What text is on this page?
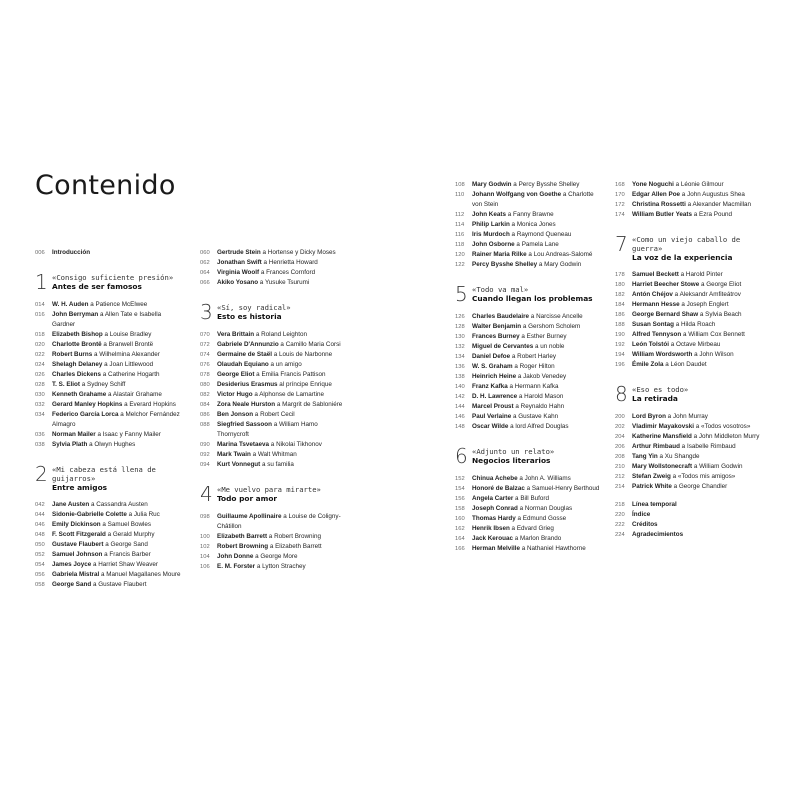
Contenido
006	Introducción
1 «Consigo suficiente presión»
Antes de ser famosos
014	W. H. Auden a Patience McElwee
016	John Berryman a Allen Tate e Isabella Gardner
018	Elizabeth Bishop a Louise Bradley
020	Charlotte Brontë a Branwell Brontë
022	Robert Burns a Wilhelmina Alexander
024	Shelagh Delaney a Joan Littlewood
026	Charles Dickens a Catherine Hogarth
028	T. S. Eliot a Sydney Schiff
030	Kenneth Grahame a Alastair Grahame
032	Gerard Manley Hopkins a Everard Hopkins
034	Federico García Lorca a Melchor Fernández Almagro
036	Norman Mailer a Isaac y Fanny Mailer
038	Sylvia Plath a Olwyn Hughes
2 «Mi cabeza está llena de guijarros»
Entre amigos
042	Jane Austen a Cassandra Austen
044	Sidonie-Gabrielle Colette a Julia Ruc
046	Emily Dickinson a Samuel Bowles
048	F. Scott Fitzgerald a Gerald Murphy
050	Gustave Flaubert a George Sand
052	Samuel Johnson a Francis Barber
054	James Joyce a Harriet Shaw Weaver
056	Gabriela Mistral a Manuel Magallanes Moure
058	George Sand a Gustave Flaubert
060	Gertrude Stein a Hortense y Dicky Moses
062	Jonathan Swift a Henrietta Howard
064	Virginia Woolf a Frances Cornford
066	Akiko Yosano a Yusuke Tsurumi
3 «Sí, soy radical»
Esto es historia
070	Vera Brittain a Roland Leighton
072	Gabriele D'Annunzio a Camillo Maria Corsi
074	Germaine de Staël a Louis de Narbonne
076	Olaudah Equiano a un amigo
078	George Eliot a Emilia Francis Pattison
080	Desiderius Erasmus al príncipe Enrique
082	Victor Hugo a Alphonse de Lamartine
084	Zora Neale Hurston a Margrit de Sabloniére
086	Ben Jonson a Robert Cecil
088	Siegfried Sassoon a William Hamo Thornycroft
090	Marina Tsvetaeva a Nikolai Tikhonov
092	Mark Twain a Walt Whitman
094	Kurt Vonnegut a su familia
4 «Me vuelvo para mirarte»
Todo por amor
098	Guillaume Apollinaire a Louise de Coligny-Châtillon
100	Elizabeth Barrett a Robert Browning
102	Robert Browning a Elizabeth Barrett
104	John Donne a George More
106	E. M. Forster a Lytton Strachey
108	Mary Godwin a Percy Bysshe Shelley
110	Johann Wolfgang von Goethe a Charlotte von Stein
112	John Keats a Fanny Brawne
114	Philip Larkin a Monica Jones
116	Iris Murdoch a Raymond Queneau
118	John Osborne a Pamela Lane
120	Rainer Maria Rilke a Lou Andreas-Salomé
122	Percy Bysshe Shelley a Mary Godwin
5 «Todo va mal»
Cuando llegan los problemas
126	Charles Baudelaire a Narcisse Ancelle
128	Walter Benjamin a Gershom Scholem
130	Frances Burney a Esther Burney
132	Miguel de Cervantes a un noble
134	Daniel Defoe a Robert Harley
136	W. S. Graham a Roger Hilton
138	Heinrich Heine a Jakob Venedey
140	Franz Kafka a Hermann Kafka
142	D. H. Lawrence a Harold Mason
144	Marcel Proust a Reynaldo Hahn
146	Paul Verlaine a Gustave Kahn
148	Oscar Wilde a lord Alfred Douglas
6 «Adjunto un relato»
Negocios literarios
152	Chinua Achebe a John A. Williams
154	Honoré de Balzac a Samuel-Henry Berthoud
156	Angela Carter a Bill Buford
158	Joseph Conrad a Norman Douglas
160	Thomas Hardy a Edmund Gosse
162	Henrik Ibsen a Edvard Grieg
164	Jack Kerouac a Marlon Brando
166	Herman Melville a Nathaniel Hawthorne
168	Yone Noguchi a Léonie Gilmour
170	Edgar Allen Poe a John Augustus Shea
172	Christina Rossetti a Alexander Macmillan
174	William Butler Yeats a Ezra Pound
7 «Como un viejo caballo de guerra»
La voz de la experiencia
178	Samuel Beckett a Harold Pinter
180	Harriet Beecher Stowe a George Eliot
182	Antón Chéjov a Aleksandr Amfiteátrov
184	Hermann Hesse a Joseph Englert
186	George Bernard Shaw a Sylvia Beach
188	Susan Sontag a Hilda Roach
190	Alfred Tennyson a William Cox Bennett
192	León Tolstói a Octave Mirbeau
194	William Wordsworth a John Wilson
196	Émile Zola a Léon Daudet
8 «Eso es todo»
La retirada
200	Lord Byron a John Murray
202	Vladimir Mayakovski a «Todos vosotros»
204	Katherine Mansfield a John Middleton Murry
206	Arthur Rimbaud a Isabelle Rimbaud
208	Tang Yin a Xu Shangde
210	Mary Wollstonecraft a William Godwin
212	Stefan Zweig a «Todos mis amigos»
214	Patrick White a George Chandler
218	Línea temporal
220	Índice
222	Créditos
224	Agradecimientos
